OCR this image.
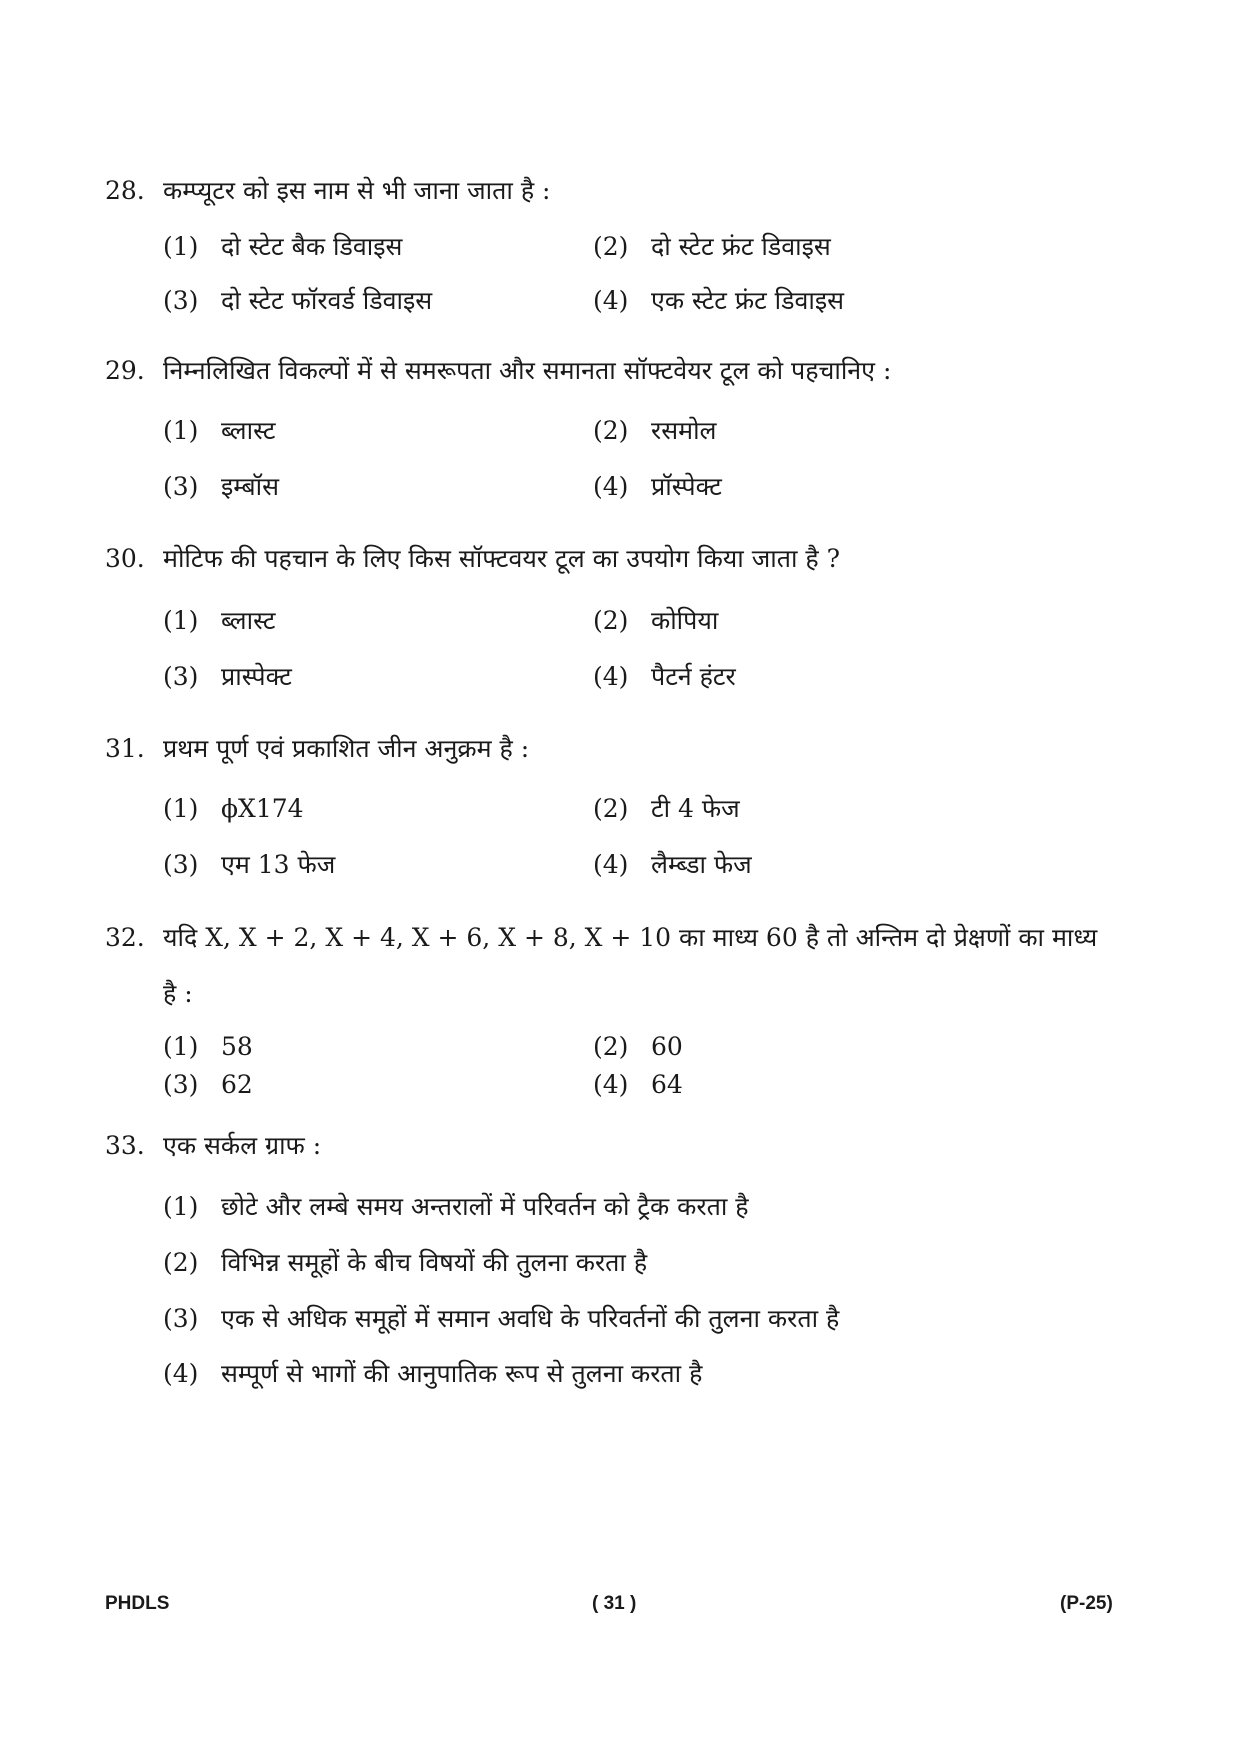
28. कम्प्यूटर को इस नाम से भी जाना जाता है :
(1) दो स्टेट बैक डिवाइस	(2) दो स्टेट फ्रंट डिवाइस
(3) दो स्टेट फॉरवर्ड डिवाइस	(4) एक स्टेट फ्रंट डिवाइस
29. निम्नलिखित विकल्पों में से समरूपता और समानता सॉफ्टवेयर टूल को पहचानिए :
(1) ब्लास्ट	(2) रसमोल
(3) इम्बॉस	(4) प्रॉस्पेक्ट
30. मोटिफ की पहचान के लिए किस सॉफ्टवयर टूल का उपयोग किया जाता है ?
(1) ब्लास्ट	(2) कोपिया
(3) प्रास्पेक्ट	(4) पैटर्न हंटर
31. प्रथम पूर्ण एवं प्रकाशित जीन अनुक्रम है :
(1) ϕX174	(2) टी 4 फेज
(3) एम 13 फेज	(4) लैम्ब्डा फेज
32. यदि X, X + 2, X + 4, X + 6, X + 8, X + 10 का माध्य 60 है तो अन्तिम दो प्रेक्षणों का माध्य
है :
(1) 58	(2) 60
(3) 62	(4) 64
33. एक सर्कल ग्राफ :
(1) छोटे और लम्बे समय अन्तरालों में परिवर्तन को ट्रैक करता है
(2) विभिन्न समूहों के बीच विषयों की तुलना करता है
(3) एक से अधिक समूहों में समान अवधि के परिवर्तनों की तुलना करता है
(4) सम्पूर्ण से भागों की आनुपातिक रूप से तुलना करता है
PHDLS	( 31 )	(P-25)
